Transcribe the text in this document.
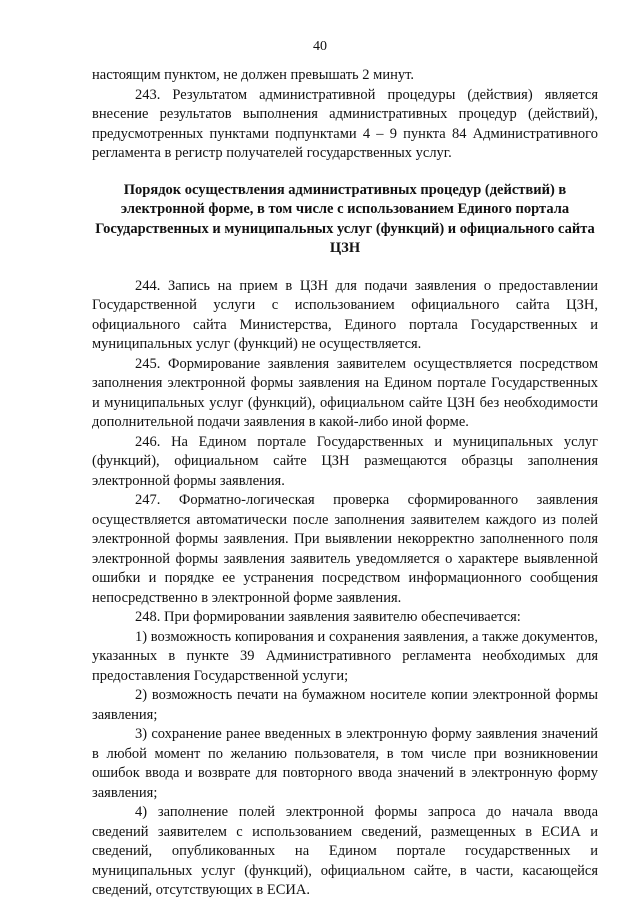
40

настоящим пунктом, не должен превышать 2 минут.

243. Результатом административной процедуры (действия) является внесение результатов выполнения административных процедур (действий), предусмотренных пунктами подпунктами 4 – 9 пункта 84 Административного регламента в регистр получателей государственных услуг.

Порядок осуществления административных процедур (действий) в электронной форме, в том числе с использованием Единого портала Государственных и муниципальных услуг (функций) и официального сайта ЦЗН

244. Запись на прием в ЦЗН для подачи заявления о предоставлении Государственной услуги с использованием официального сайта ЦЗН, официального сайта Министерства, Единого портала Государственных и муниципальных услуг (функций) не осуществляется.

245. Формирование заявления заявителем осуществляется посредством заполнения электронной формы заявления на Едином портале Государственных и муниципальных услуг (функций), официальном сайте ЦЗН без необходимости дополнительной подачи заявления в какой-либо иной форме.

246. На Едином портале Государственных и муниципальных услуг (функций), официальном сайте ЦЗН размещаются образцы заполнения электронной формы заявления.

247. Форматно-логическая проверка сформированного заявления осуществляется автоматически после заполнения заявителем каждого из полей электронной формы заявления. При выявлении некорректно заполненного поля электронной формы заявления заявитель уведомляется о характере выявленной ошибки и порядке ее устранения посредством информационного сообщения непосредственно в электронной форме заявления.

248. При формировании заявления заявителю обеспечивается:

1) возможность копирования и сохранения заявления, а также документов, указанных в пункте 39 Административного регламента необходимых для предоставления Государственной услуги;

2) возможность печати на бумажном носителе копии электронной формы заявления;

3) сохранение ранее введенных в электронную форму заявления значений в любой момент по желанию пользователя, в том числе при возникновении ошибок ввода и возврате для повторного ввода значений в электронную форму заявления;

4) заполнение полей электронной формы запроса до начала ввода сведений заявителем с использованием сведений, размещенных в ЕСИА и сведений, опубликованных на Едином портале государственных и муниципальных услуг (функций), официальном сайте, в части, касающейся сведений, отсутствующих в ЕСИА.
